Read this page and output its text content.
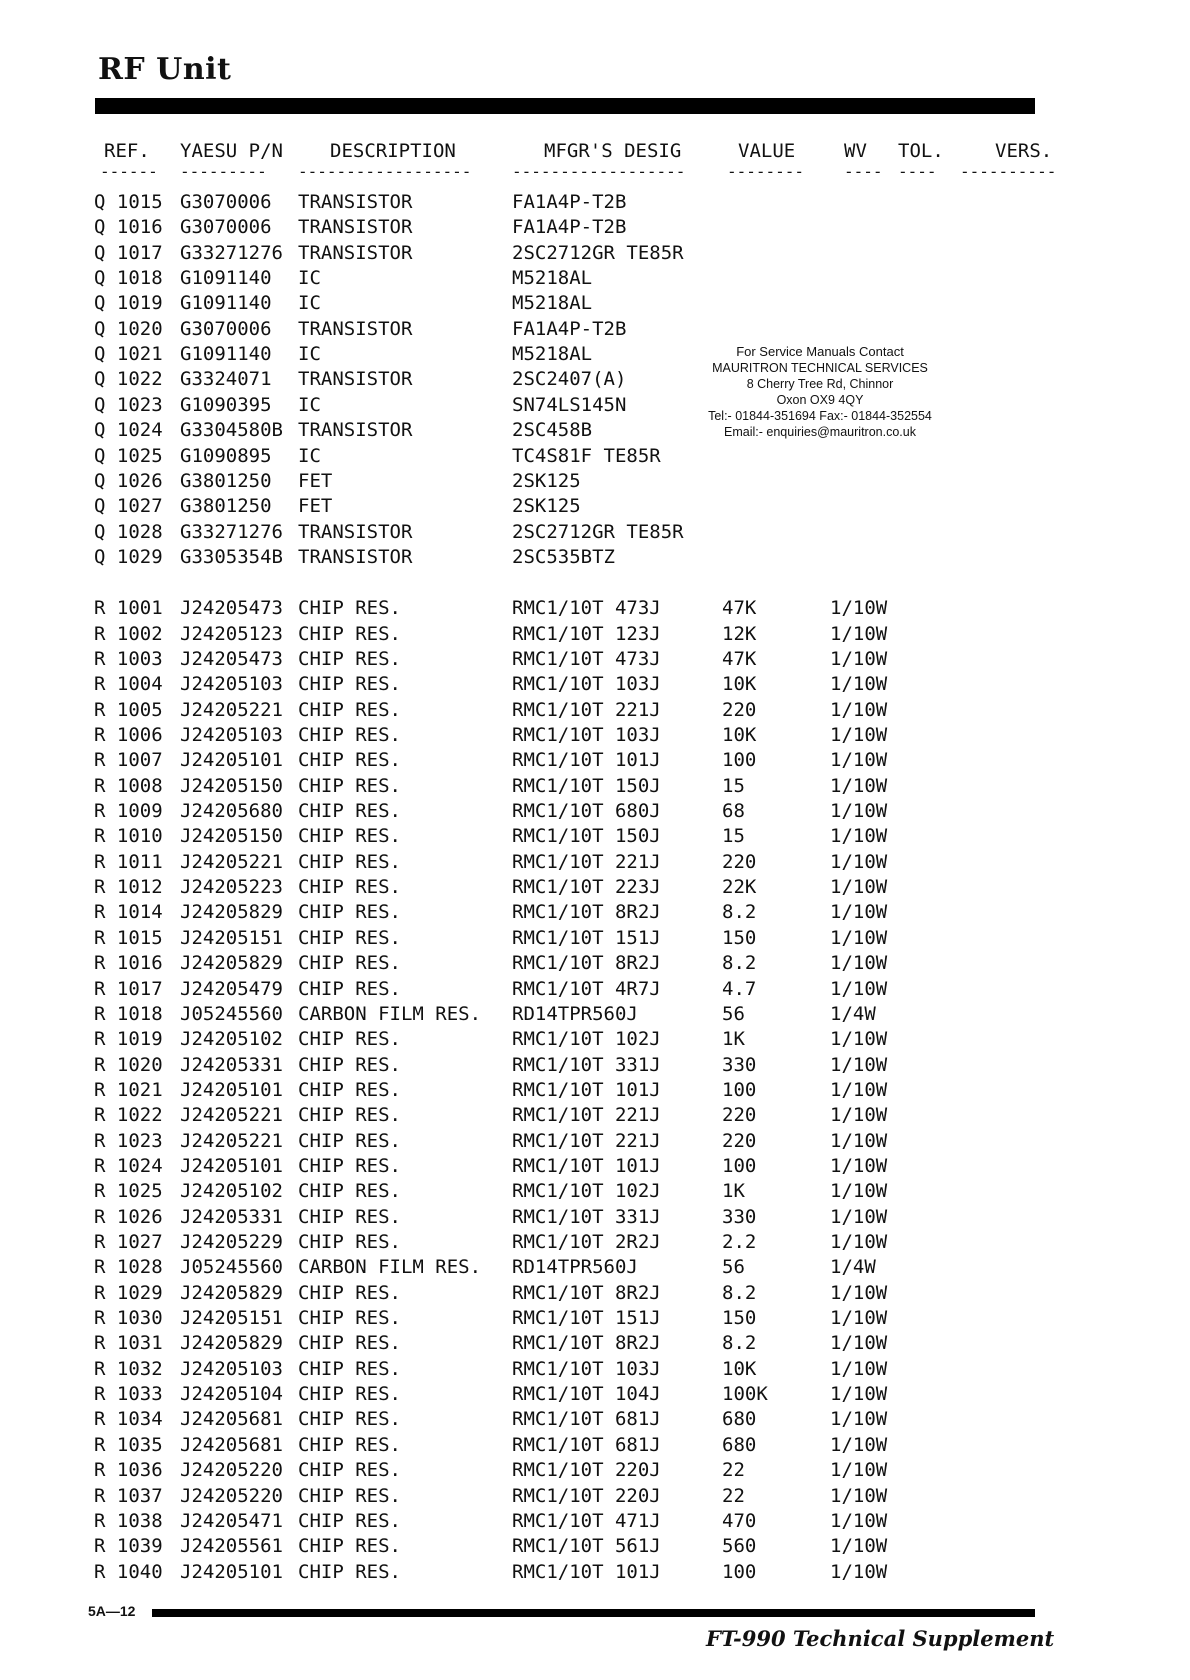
RF Unit
REF. YAESU P/N DESCRIPTION	MFGR'S DESIG	VALUE	WV TOL.	VERS.
------ --------- ------------------	------------------	-------- ---- ---- ----------
Q 1015 G3070006 TRANSISTOR	FA1A4P-T2B
Q 1016 G3070006 TRANSISTOR	FA1A4P-T2B
Q 1017 G33271276 TRANSISTOR	2SC2712GR TE85R
Q 1018 G1091140 IC	M5218AL
Q 1019 G1091140 IC	M5218AL
Q 1020 G3070006 TRANSISTOR	FA1A4P-T2B
Q 1021 G1091140 IC	M5218AL
Q 1022 G3324071 TRANSISTOR	2SC2407(A)
Q 1023 G1090395 IC	SN74LS145N
Q 1024 G3304580B TRANSISTOR	2SC458B
Q 1025 G1090895 IC	TC4S81F TE85R
Q 1026 G3801250 FET	2SK125
Q 1027 G3801250 FET	2SK125
Q 1028 G33271276 TRANSISTOR	2SC2712GR TE85R
Q 1029 G3305354B TRANSISTOR	2SC535BTZ
R 1001 J24205473 CHIP RES.	RMC1/10T 473J	47K	1/10W
R 1002 J24205123 CHIP RES.	RMC1/10T 123J	12K	1/10W
R 1003 J24205473 CHIP RES.	RMC1/10T 473J	47K	1/10W
R 1004 J24205103 CHIP RES.	RMC1/10T 103J	10K	1/10W
R 1005 J24205221 CHIP RES.	RMC1/10T 221J	220	1/10W
R 1006 J24205103 CHIP RES.	RMC1/10T 103J	10K	1/10W
R 1007 J24205101 CHIP RES.	RMC1/10T 101J	100	1/10W
R 1008 J24205150 CHIP RES.	RMC1/10T 150J	15	1/10W
R 1009 J24205680 CHIP RES.	RMC1/10T 680J	68	1/10W
R 1010 J24205150 CHIP RES.	RMC1/10T 150J	15	1/10W
R 1011 J24205221 CHIP RES.	RMC1/10T 221J	220	1/10W
R 1012 J24205223 CHIP RES.	RMC1/10T 223J	22K	1/10W
R 1014 J24205829 CHIP RES.	RMC1/10T 8R2J	8.2	1/10W
R 1015 J24205151 CHIP RES.	RMC1/10T 151J	150	1/10W
R 1016 J24205829 CHIP RES.	RMC1/10T 8R2J	8.2	1/10W
R 1017 J24205479 CHIP RES.	RMC1/10T 4R7J	4.7	1/10W
R 1018 J05245560 CARBON FILM RES. RD14TPR560J	56	1/4W
R 1019 J24205102 CHIP RES.	RMC1/10T 102J	1K	1/10W
R 1020 J24205331 CHIP RES.	RMC1/10T 331J	330	1/10W
R 1021 J24205101 CHIP RES.	RMC1/10T 101J	100	1/10W
R 1022 J24205221 CHIP RES.	RMC1/10T 221J	220	1/10W
R 1023 J24205221 CHIP RES.	RMC1/10T 221J	220	1/10W
R 1024 J24205101 CHIP RES.	RMC1/10T 101J	100	1/10W
R 1025 J24205102 CHIP RES.	RMC1/10T 102J	1K	1/10W
R 1026 J24205331 CHIP RES.	RMC1/10T 331J	330	1/10W
R 1027 J24205229 CHIP RES.	RMC1/10T 2R2J	2.2	1/10W
R 1028 J05245560 CARBON FILM RES. RD14TPR560J	56	1/4W
R 1029 J24205829 CHIP RES.	RMC1/10T 8R2J	8.2	1/10W
R 1030 J24205151 CHIP RES.	RMC1/10T 151J	150	1/10W
R 1031 J24205829 CHIP RES.	RMC1/10T 8R2J	8.2	1/10W
R 1032 J24205103 CHIP RES.	RMC1/10T 103J	10K	1/10W
R 1033 J24205104 CHIP RES.	RMC1/10T 104J	100K	1/10W
R 1034 J24205681 CHIP RES.	RMC1/10T 681J	680	1/10W
R 1035 J24205681 CHIP RES.	RMC1/10T 681J	680	1/10W
R 1036 J24205220 CHIP RES.	RMC1/10T 220J	22	1/10W
R 1037 J24205220 CHIP RES.	RMC1/10T 220J	22	1/10W
R 1038 J24205471 CHIP RES.	RMC1/10T 471J	470	1/10W
R 1039 J24205561 CHIP RES.	RMC1/10T 561J	560	1/10W
R 1040 J24205101 CHIP RES.	RMC1/10T 101J	100	1/10W
For Service Manuals Contact
MAURITRON TECHNICAL SERVICES
8 Cherry Tree Rd, Chinnor
Oxon OX9 4QY
Tel:- 01844-351694 Fax:- 01844-352554
Email:- enquiries@mauritron.co.uk
5A—12
FT-990 Technical Supplement
